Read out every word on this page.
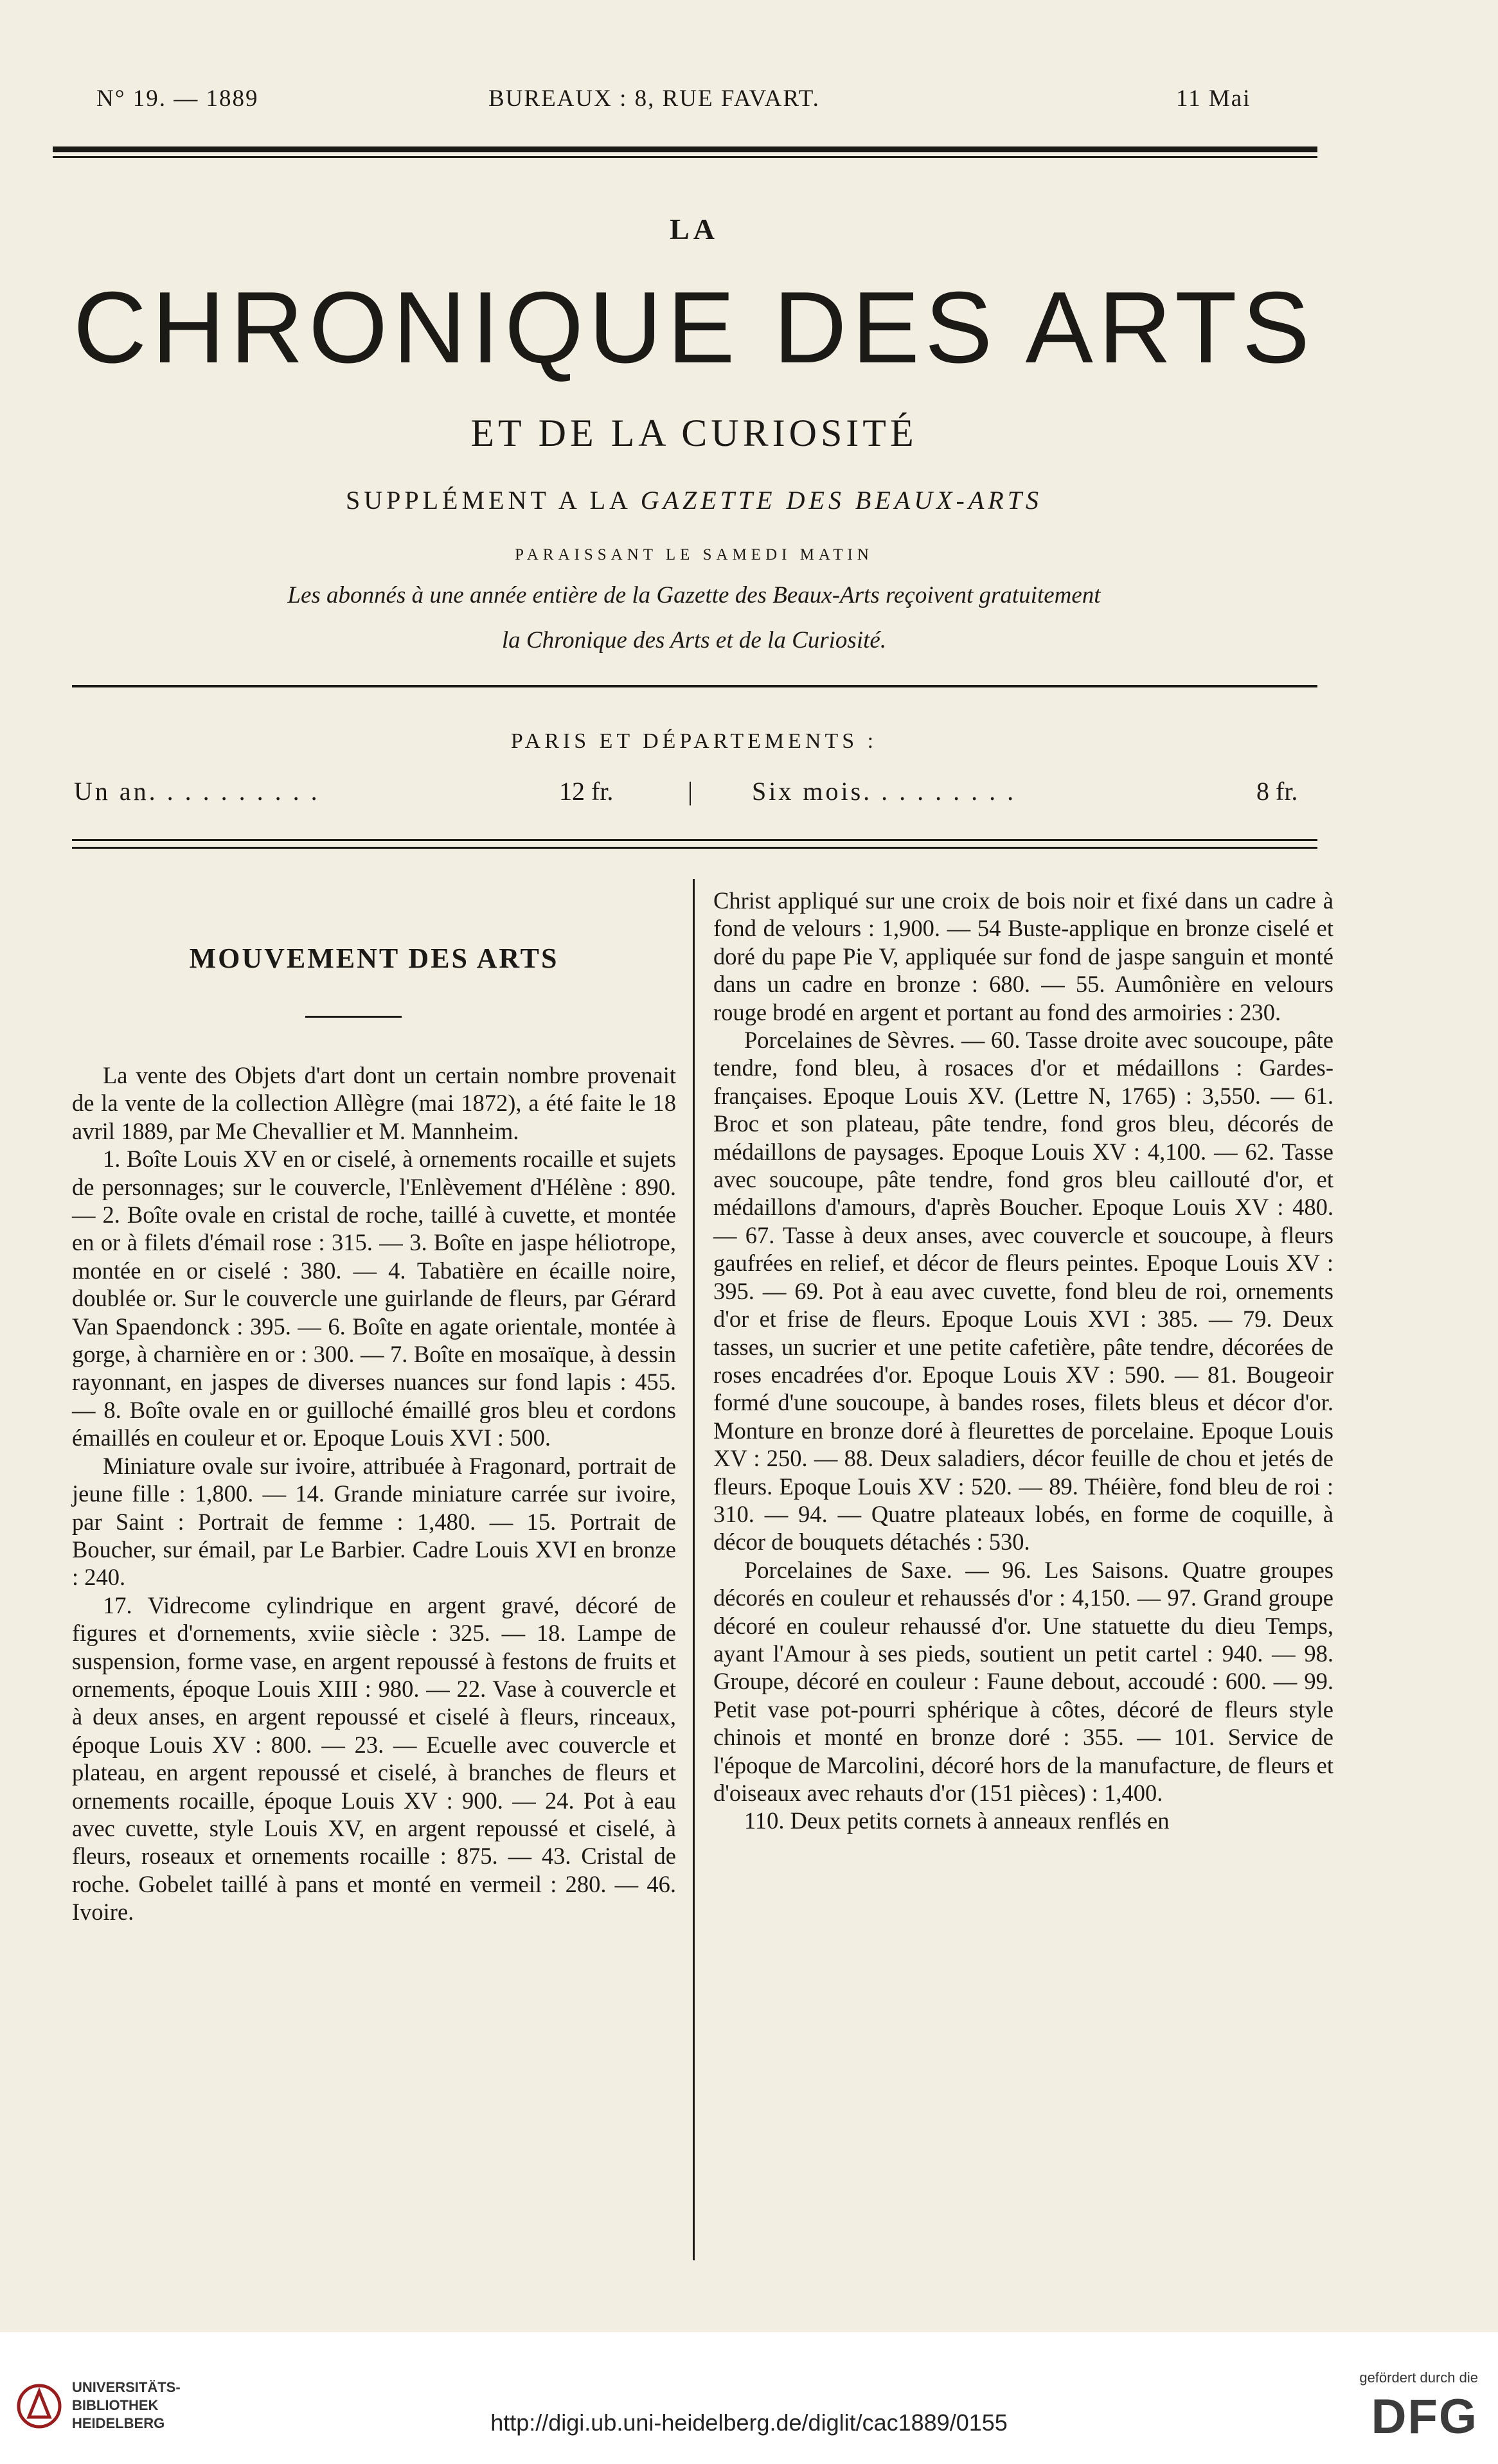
N° 19. — 1889	BUREAUX : 8, RUE FAVART.	11 Mai
LA
CHRONIQUE DES ARTS
ET DE LA CURIOSITÉ
SUPPLÉMENT A LA GAZETTE DES BEAUX-ARTS
PARAISSANT LE SAMEDI MATIN
Les abonnés à une année entière de la Gazette des Beaux-Arts reçoivent gratuitement
la Chronique des Arts et de la Curiosité.
PARIS ET DÉPARTEMENTS :
Un an. . . . . . . . . .	12 fr.	| Six mois. . . . . . . . .	8 fr.
MOUVEMENT DES ARTS

La vente des Objets d'art dont un certain nombre provenait de la vente de la collection Allègre (mai 1872), a été faite le 18 avril 1889, par Me Chevallier et M. Mannheim.

1. Boîte Louis XV en or ciselé, à ornements rocaille et sujets de personnages; sur le couvercle, l'Enlèvement d'Hélène : 890. — 2. Boîte ovale en cristal de roche, taillé à cuvette, et montée en or à filets d'émail rose : 315. — 3. Boîte en jaspe héliotrope, montée en or ciselé : 380. — 4. Tabatière en écaille noire, doublée or. Sur le couvercle une guirlande de fleurs, par Gérard Van Spaendonck : 395. — 6. Boîte en agate orientale, montée à gorge, à charnière en or : 300. — 7. Boîte en mosaïque, à dessin rayonnant, en jaspes de diverses nuances sur fond lapis : 455. — 8. Boîte ovale en or guilloché émaillé gros bleu et cordons émaillés en couleur et or. Epoque Louis XVI : 500.

Miniature ovale sur ivoire, attribuée à Fragonard, portrait de jeune fille : 1,800. — 14. Grande miniature carrée sur ivoire, par Saint : Portrait de femme : 1,480. — 15. Portrait de Boucher, sur émail, par Le Barbier. Cadre Louis XVI en bronze : 240.

17. Vidrecome cylindrique en argent gravé, décoré de figures et d'ornements, xviie siècle : 325. — 18. Lampe de suspension, forme vase, en argent repoussé à festons de fruits et ornements, époque Louis XIII : 980. — 22. Vase à couvercle et à deux anses, en argent repoussé et ciselé à fleurs, rinceaux, époque Louis XV : 800. — 23. — Ecuelle avec couvercle et plateau, en argent repoussé et ciselé, à branches de fleurs et ornements rocaille, époque Louis XV : 900. — 24. Pot à eau avec cuvette, style Louis XV, en argent repoussé et ciselé, à fleurs, roseaux et ornements rocaille : 875. — 43. Cristal de roche. Gobelet taillé à pans et monté en vermeil : 280. — 46. Ivoire.

Christ appliqué sur une croix de bois noir et fixé dans un cadre à fond de velours : 1,900. — 54 Buste-applique en bronze ciselé et doré du pape Pie V, appliquée sur fond de jaspe sanguin et monté dans un cadre en bronze : 680. — 55. Aumônière en velours rouge brodé en argent et portant au fond des armoiries : 230.

Porcelaines de Sèvres. — 60. Tasse droite avec soucoupe, pâte tendre, fond bleu, à rosaces d'or et médaillons : Gardes-françaises. Epoque Louis XV. (Lettre N, 1765) : 3,550. — 61. Broc et son plateau, pâte tendre, fond gros bleu, décorés de médaillons de paysages. Epoque Louis XV : 4,100. — 62. Tasse avec soucoupe, pâte tendre, fond gros bleu caillouté d'or, et médaillons d'amours, d'après Boucher. Epoque Louis XV : 480. — 67. Tasse à deux anses, avec couvercle et soucoupe, à fleurs gaufrées en relief, et décor de fleurs peintes. Epoque Louis XV : 395. — 69. Pot à eau avec cuvette, fond bleu de roi, ornements d'or et frise de fleurs. Epoque Louis XVI : 385. — 79. Deux tasses, un sucrier et une petite cafetière, pâte tendre, décorées de roses encadrées d'or. Epoque Louis XV : 590. — 81. Bougeoir formé d'une soucoupe, à bandes roses, filets bleus et décor d'or. Monture en bronze doré à fleurettes de porcelaine. Epoque Louis XV : 250. — 88. Deux saladiers, décor feuille de chou et jetés de fleurs. Epoque Louis XV : 520. — 89. Théière, fond bleu de roi : 310. — 94. — Quatre plateaux lobés, en forme de coquille, à décor de bouquets détachés : 530.

Porcelaines de Saxe. — 96. Les Saisons. Quatre groupes décorés en couleur et rehaussés d'or : 4,150. — 97. Grand groupe décoré en couleur rehaussé d'or. Une statuette du dieu Temps, ayant l'Amour à ses pieds, soutient un petit cartel : 940. — 98. Groupe, décoré en couleur : Faune debout, accoudé : 600. — 99. Petit vase pot-pourri sphérique à côtes, décoré de fleurs style chinois et monté en bronze doré : 355. — 101. Service de l'époque de Marcolini, décoré hors de la manufacture, de fleurs et d'oiseaux avec rehauts d'or (151 pièces) : 1,400.

110. Deux petits cornets à anneaux renflés en

UNIVERSITÄTS-
BIBLIOTHEK
HEIDELBERG	http://digi.ub.uni-heidelberg.de/diglit/cac1889/0155
gefördert durch die
DFG
